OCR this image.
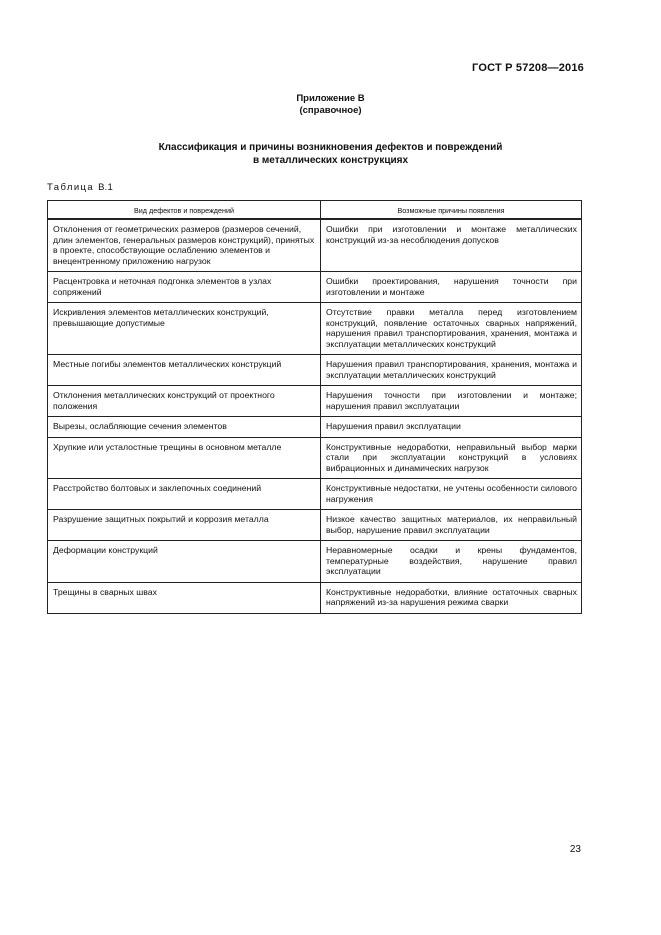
ГОСТ Р 57208—2016
Приложение В
(справочное)
Классификация и причины возникновения дефектов и повреждений
в металлических конструкциях
Таблица В.1
Вид дефектов и повреждений	Возможные причины появления
Отклонения от геометрических размеров (размеров сечений, длин элементов, генеральных размеров конструкций), принятых в проекте, способствующие ослаблению элементов и внецентренному приложению нагрузок	Ошибки при изготовлении и монтаже металлических конструкций из-за несоблюдения допусков
Расцентровка и неточная подгонка элементов в узлах сопряжений	Ошибки проектирования, нарушения точности при изготовлении и монтаже
Искривления элементов металлических конструкций, превышающие допустимые	Отсутствие правки металла перед изготовлением конструкций, появление остаточных сварных напряжений, нарушения правил транспортирования, хранения, монтажа и эксплуатации металлических конструкций
Местные погибы элементов металлических конструкций	Нарушения правил транспортирования, хранения, монтажа и эксплуатации металлических конструкций
Отклонения металлических конструкций от проектного положения	Нарушения точности при изготовлении и монтаже; нарушения правил эксплуатации
Вырезы, ослабляющие сечения элементов	Нарушения правил эксплуатации
Хрупкие или усталостные трещины в основном металле	Конструктивные недоработки, неправильный выбор марки стали при эксплуатации конструкций в условиях вибрационных и динамических нагрузок
Расстройство болтовых и заклепочных соединений	Конструктивные недостатки, не учтены особенности силового нагружения
Разрушение защитных покрытий и коррозия металла	Низкое качество защитных материалов, их неправильный выбор, нарушение правил эксплуатации
Деформации конструкций	Неравномерные осадки и крены фундаментов, температурные воздействия, нарушение правил эксплуатации
Трещины в сварных швах	Конструктивные недоработки, влияние остаточных сварных напряжений из-за нарушения режима сварки
23
